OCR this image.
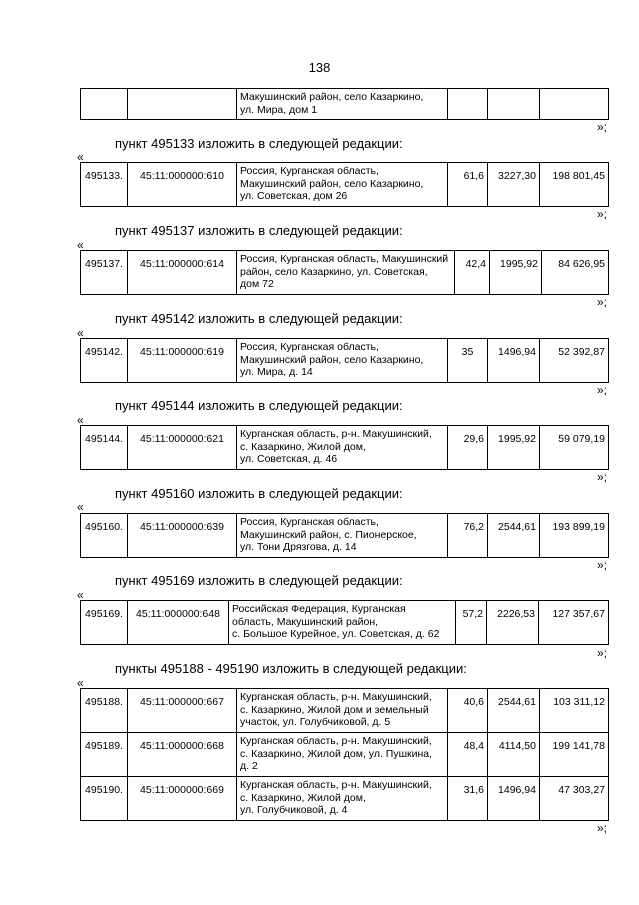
138

Макушинский район, село Казаркино,
ул. Мира, дом 1

»;
пункт 495133 изложить в следующей редакции:
«
495133.	45:11:000000:610	Россия, Курганская область,
Макушинский район, село Казаркино,
ул. Советская, дом 26
	61,6	3227,30	198 801,45
»;
пункт 495137 изложить в следующей редакции:
«
495137.	45:11:000000:614	Россия, Курганская область, Макушинский
район, село Казаркино, ул. Советская,
дом 72
	42,4	1995,92	84 626,95
»;
пункт 495142 изложить в следующей редакции:
«
495142.	45:11:000000:619	Россия, Курганская область,
Макушинский район, село Казаркино,
ул. Мира, д. 14
	35	1496,94	52 392,87
»;
пункт 495144 изложить в следующей редакции:
«
495144.	45:11:000000:621	Курганская область, р-н. Макушинский,
с. Казаркино, Жилой дом,
ул. Советская, д. 46
	29,6	1995,92	59 079,19
»;
пункт 495160 изложить в следующей редакции:
«
495160.	45:11:000000:639	Россия, Курганская область,
Макушинский район, с. Пионерское,
ул. Тони Дрязгова, д. 14
	76,2	2544,61	193 899,19
»;
пункт 495169 изложить в следующей редакции:
«
495169.	45:11:000000:648	Российская Федерация, Курганская
область, Макушинский район,
с. Большое Курейное, ул. Советская, д. 62
	57,2	2226,53	127 357,67
»;
пункты 495188 - 495190 изложить в следующей редакции:
«
495188.	45:11:000000:667	Курганская область, р-н. Макушинский,
с. Казаркино, Жилой дом и земельный
участок, ул. Голубчиковой, д. 5	40,6	2544,61	103 311,12
495189.	45:11:000000:668	Курганская область, р-н. Макушинский,
с. Казаркино, Жилой дом, ул. Пушкина,
д. 2	48,4	4114,50	199 141,78
495190.	45:11:000000:669	Курганская область, р-н. Макушинский,
с. Казаркино, Жилой дом,
ул. Голубчиковой, д. 4	31,6	1496,94	47 303,27
»;
